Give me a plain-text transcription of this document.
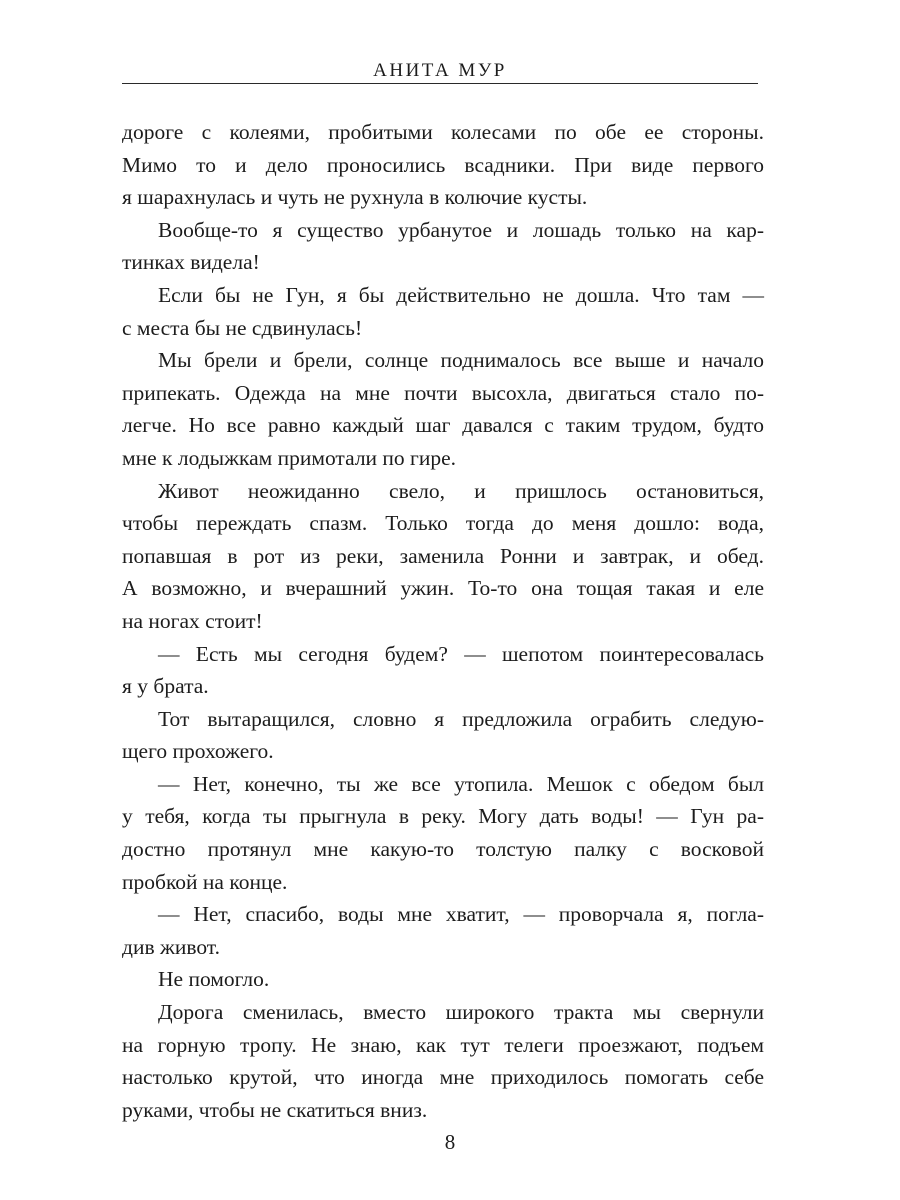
АНИТА МУР
дороге с колеями, пробитыми колесами по обе ее стороны.
Мимо то и дело проносились всадники. При виде первого
я шарахнулась и чуть не рухнула в колючие кусты.
Вообще-то я существо урбанутое и лошадь только на кар-
тинках видела!
Если бы не Гун, я бы действительно не дошла. Что там —
с места бы не сдвинулась!
Мы брели и брели, солнце поднималось все выше и начало
припекать. Одежда на мне почти высохла, двигаться стало по-
легче. Но все равно каждый шаг давался с таким трудом, будто
мне к лодыжкам примотали по гире.
Живот неожиданно свело, и пришлось остановиться,
чтобы переждать спазм. Только тогда до меня дошло: вода,
попавшая в рот из реки, заменила Ронни и завтрак, и обед.
А возможно, и вчерашний ужин. То-то она тощая такая и еле
на ногах стоит!
— Есть мы сегодня будем? — шепотом поинтересовалась
я у брата.
Тот вытаращился, словно я предложила ограбить следую-
щего прохожего.
— Нет, конечно, ты же все утопила. Мешок с обедом был
у тебя, когда ты прыгнула в реку. Могу дать воды! — Гун ра-
достно протянул мне какую-то толстую палку с восковой
пробкой на конце.
— Нет, спасибо, воды мне хватит, — проворчала я, погла-
див живот.
Не помогло.
Дорога сменилась, вместо широкого тракта мы свернули
на горную тропу. Не знаю, как тут телеги проезжают, подъем
настолько крутой, что иногда мне приходилось помогать себе
руками, чтобы не скатиться вниз.
8
